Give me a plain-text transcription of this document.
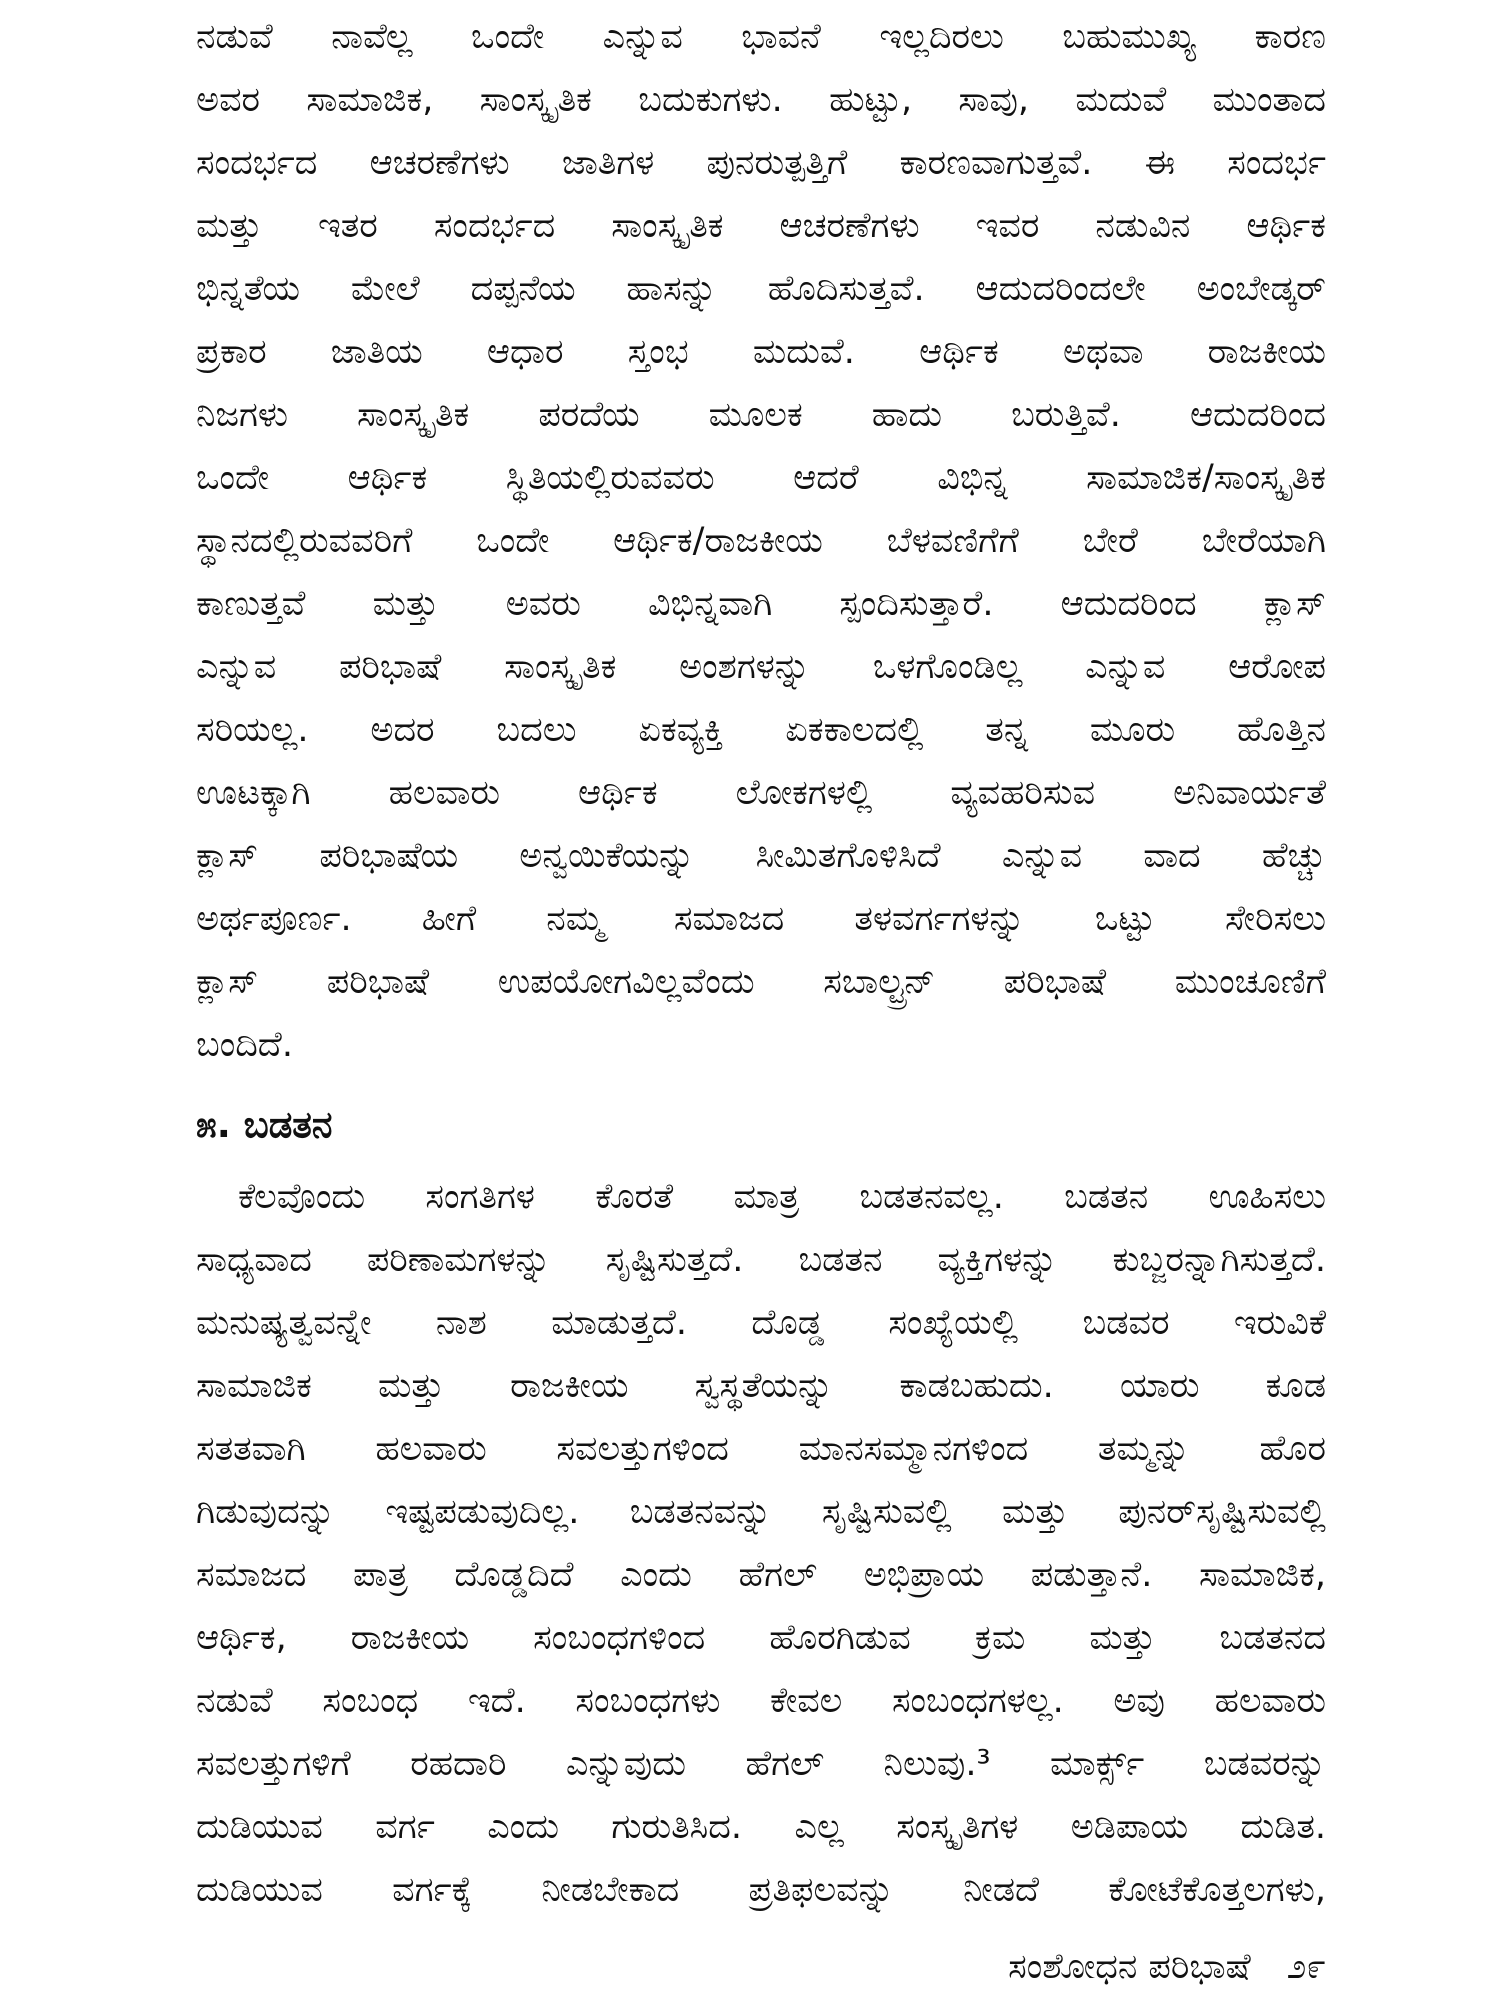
ನಡುವೆ ನಾವೆಲ್ಲ ಒಂದೇ ಎನ್ನುವ ಭಾವನೆ ಇಲ್ಲದಿರಲು ಬಹುಮುಖ್ಯ ಕಾರಣ
ಅವರ ಸಾಮಾಜಿಕ, ಸಾಂಸ್ಕೃತಿಕ ಬದುಕುಗಳು. ಹುಟ್ಟು, ಸಾವು, ಮದುವೆ ಮುಂತಾದ
ಸಂದರ್ಭದ ಆಚರಣೆಗಳು ಜಾತಿಗಳ ಪುನರುತ್ಪತ್ತಿಗೆ ಕಾರಣವಾಗುತ್ತವೆ. ಈ ಸಂದರ್ಭ
ಮತ್ತು ಇತರ ಸಂದರ್ಭದ ಸಾಂಸ್ಕೃತಿಕ ಆಚರಣೆಗಳು ಇವರ ನಡುವಿನ ಆರ್ಥಿಕ
ಭಿನ್ನತೆಯ ಮೇಲೆ ದಪ್ಪನೆಯ ಹಾಸನ್ನು ಹೊದಿಸುತ್ತವೆ. ಆದುದರಿಂದಲೇ ಅಂಬೇಡ್ಕರ್
ಪ್ರಕಾರ ಜಾತಿಯ ಆಧಾರ ಸ್ತಂಭ ಮದುವೆ. ಆರ್ಥಿಕ ಅಥವಾ ರಾಜಕೀಯ
ನಿಜಗಳು ಸಾಂಸ್ಕೃತಿಕ ಪರದೆಯ ಮೂಲಕ ಹಾದು ಬರುತ್ತಿವೆ. ಆದುದರಿಂದ
ಒಂದೇ ಆರ್ಥಿಕ ಸ್ಥಿತಿಯಲ್ಲಿರುವವರು ಆದರೆ ವಿಭಿನ್ನ ಸಾಮಾಜಿಕ/ಸಾಂಸ್ಕೃತಿಕ
ಸ್ಥಾನದಲ್ಲಿರುವವರಿಗೆ ಒಂದೇ ಆರ್ಥಿಕ/ರಾಜಕೀಯ ಬೆಳವಣಿಗೆಗೆ ಬೇರೆ ಬೇರೆಯಾಗಿ
ಕಾಣುತ್ತವೆ ಮತ್ತು ಅವರು ವಿಭಿನ್ನವಾಗಿ ಸ್ಪಂದಿಸುತ್ತಾರೆ. ಆದುದರಿಂದ ಕ್ಲಾಸ್
ಎನ್ನುವ ಪರಿಭಾಷೆ ಸಾಂಸ್ಕೃತಿಕ ಅಂಶಗಳನ್ನು ಒಳಗೊಂಡಿಲ್ಲ ಎನ್ನುವ ಆರೋಪ
ಸರಿಯಲ್ಲ. ಅದರ ಬದಲು ಏಕವ್ಯಕ್ತಿ ಏಕಕಾಲದಲ್ಲಿ ತನ್ನ ಮೂರು ಹೊತ್ತಿನ
ಊಟಕ್ಕಾಗಿ ಹಲವಾರು ಆರ್ಥಿಕ ಲೋಕಗಳಲ್ಲಿ ವ್ಯವಹರಿಸುವ ಅನಿವಾರ್ಯತೆ
ಕ್ಲಾಸ್ ಪರಿಭಾಷೆಯ ಅನ್ವಯಿಕೆಯನ್ನು ಸೀಮಿತಗೊಳಿಸಿದೆ ಎನ್ನುವ ವಾದ ಹೆಚ್ಚು
ಅರ್ಥಪೂರ್ಣ. ಹೀಗೆ ನಮ್ಮ ಸಮಾಜದ ತಳವರ್ಗಗಳನ್ನು ಒಟ್ಟು ಸೇರಿಸಲು
ಕ್ಲಾಸ್ ಪರಿಭಾಷೆ ಉಪಯೋಗವಿಲ್ಲವೆಂದು ಸಬಾಲ್ಟ್ರನ್ ಪರಿಭಾಷೆ ಮುಂಚೂಣಿಗೆ
ಬಂದಿದೆ.
೫. ಬಡತನ
ಕೆಲವೊಂದು ಸಂಗತಿಗಳ ಕೊರತೆ ಮಾತ್ರ ಬಡತನವಲ್ಲ. ಬಡತನ ಊಹಿಸಲು
ಸಾಧ್ಯವಾದ ಪರಿಣಾಮಗಳನ್ನು ಸೃಷ್ಟಿಸುತ್ತದೆ. ಬಡತನ ವ್ಯಕ್ತಿಗಳನ್ನು ಕುಬ್ಜರನ್ನಾಗಿಸುತ್ತದೆ.
ಮನುಷ್ಯತ್ವವನ್ನೇ ನಾಶ ಮಾಡುತ್ತದೆ. ದೊಡ್ಡ ಸಂಖ್ಯೆಯಲ್ಲಿ ಬಡವರ ಇರುವಿಕೆ
ಸಾಮಾಜಿಕ ಮತ್ತು ರಾಜಕೀಯ ಸ್ವಸ್ಥತೆಯನ್ನು ಕಾಡಬಹುದು. ಯಾರು ಕೂಡ
ಸತತವಾಗಿ ಹಲವಾರು ಸವಲತ್ತುಗಳಿಂದ ಮಾನಸಮ್ಮಾನಗಳಿಂದ ತಮ್ಮನ್ನು ಹೊರ
ಗಿಡುವುದನ್ನು ಇಷ್ಟಪಡುವುದಿಲ್ಲ. ಬಡತನವನ್ನು ಸೃಷ್ಟಿಸುವಲ್ಲಿ ಮತ್ತು ಪುನರ್‌ಸೃಷ್ಟಿಸುವಲ್ಲಿ
ಸಮಾಜದ ಪಾತ್ರ ದೊಡ್ಡದಿದೆ ಎಂದು ಹೆಗಲ್ ಅಭಿಪ್ರಾಯ ಪಡುತ್ತಾನೆ. ಸಾಮಾಜಿಕ,
ಆರ್ಥಿಕ, ರಾಜಕೀಯ ಸಂಬಂಧಗಳಿಂದ ಹೊರಗಿಡುವ ಕ್ರಮ ಮತ್ತು ಬಡತನದ
ನಡುವೆ ಸಂಬಂಧ ಇದೆ. ಸಂಬಂಧಗಳು ಕೇವಲ ಸಂಬಂಧಗಳಲ್ಲ. ಅವು ಹಲವಾರು
ಸವಲತ್ತುಗಳಿಗೆ ರಹದಾರಿ ಎನ್ನುವುದು ಹೆಗಲ್ ನಿಲುವು.³ ಮಾರ್ಕ್ಸ್ ಬಡವರನ್ನು
ದುಡಿಯುವ ವರ್ಗ ಎಂದು ಗುರುತಿಸಿದ. ಎಲ್ಲ ಸಂಸ್ಕೃತಿಗಳ ಅಡಿಪಾಯ ದುಡಿತ.
ದುಡಿಯುವ ವರ್ಗಕ್ಕೆ ನೀಡಬೇಕಾದ ಪ್ರತಿಫಲವನ್ನು ನೀಡದೆ ಕೋಟೆಕೊತ್ತಲಗಳು,
ಸಂಶೋಧನ ಪರಿಭಾಷೆ ೨೯
